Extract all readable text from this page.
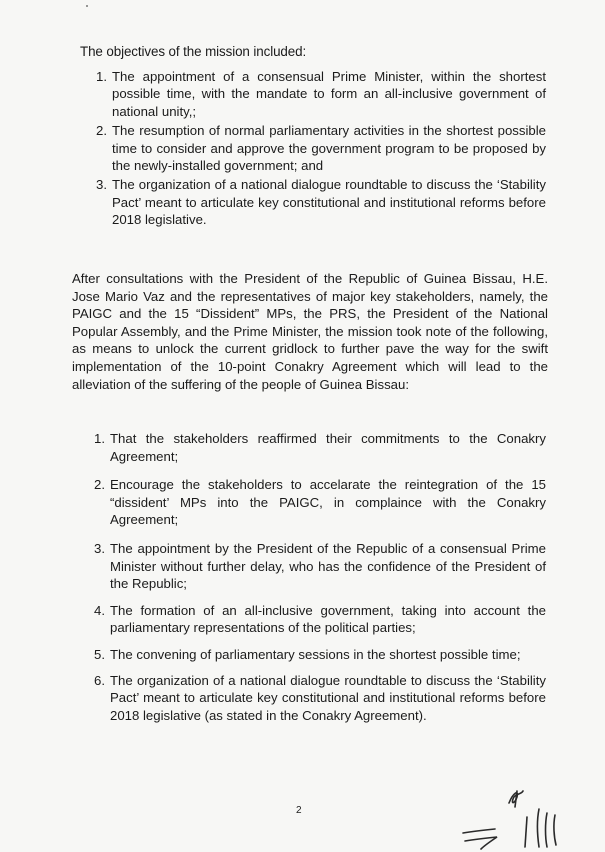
The objectives of the mission included:
1. The appointment of a consensual Prime Minister, within the shortest possible time, with the mandate to form an all-inclusive government of national unity,;
2. The resumption of normal parliamentary activities in the shortest possible time to consider and approve the government program to be proposed by the newly-installed government; and
3. The organization of a national dialogue roundtable to discuss the ‘Stability Pact’ meant to articulate key constitutional and institutional reforms before 2018 legislative.

After consultations with the President of the Republic of Guinea Bissau, H.E. Jose Mario Vaz and the representatives of major key stakeholders, namely, the PAIGC and the 15 “Dissident” MPs, the PRS, the President of the National Popular Assembly, and the Prime Minister, the mission took note of the following, as means to unlock the current gridlock to further pave the way for the swift implementation of the 10-point Conakry Agreement which will lead to the alleviation of the suffering of the people of Guinea Bissau:

1. That the stakeholders reaffirmed their commitments to the Conakry Agreement;
2. Encourage the stakeholders to accelarate the reintegration of the 15 “dissident’ MPs into the PAIGC, in complaince with the Conakry Agreement;
3. The appointment by the President of the Republic of a consensual Prime Minister without further delay, who has the confidence of the President of the Republic;
4. The formation of an all-inclusive government, taking into account the parliamentary representations of the political parties;
5. The convening of parliamentary sessions in the shortest possible time;
6. The organization of a national dialogue roundtable to discuss the ‘Stability Pact’ meant to articulate key constitutional and institutional reforms before 2018 legislative (as stated in the Conakry Agreement).
2
